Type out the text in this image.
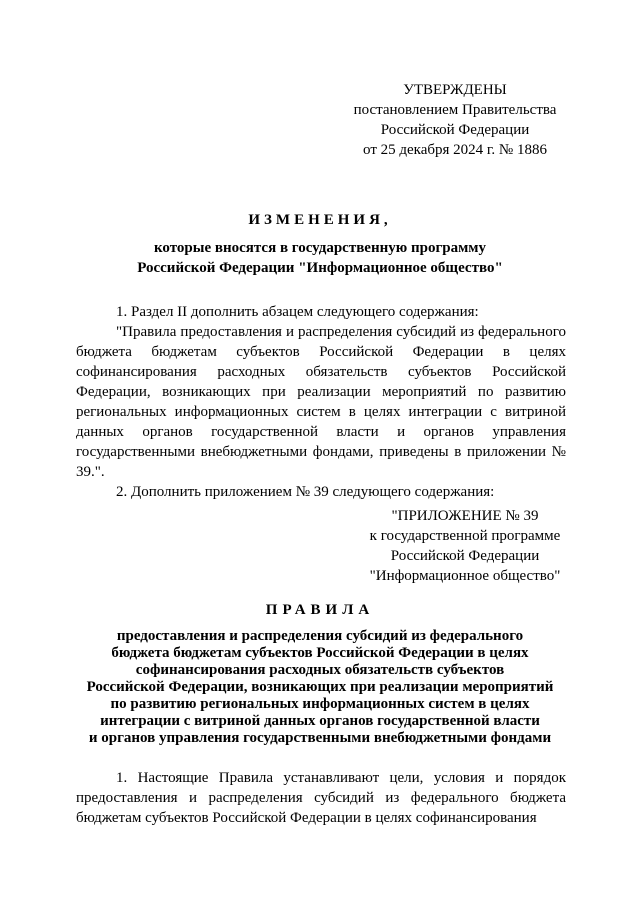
УТВЕРЖДЕНЫ
постановлением Правительства
Российской Федерации
от 25 декабря 2024 г. № 1886
ИЗМЕНЕНИЯ,
которые вносятся в государственную программу
Российской Федерации "Информационное общество"

1. Раздел II дополнить абзацем следующего содержания:

"Правила предоставления и распределения субсидий из федерального бюджета бюджетам субъектов Российской Федерации в целях софинансирования расходных обязательств субъектов Российской Федерации, возникающих при реализации мероприятий по развитию региональных информационных систем в целях интеграции с витриной данных органов государственной власти и органов управления государственными внебюджетными фондами, приведены в приложении № 39.".

2. Дополнить приложением № 39 следующего содержания:

"ПРИЛОЖЕНИЕ № 39
к государственной программе
Российской Федерации
"Информационное общество"
ПРАВИЛА
предоставления и распределения субсидий из федерального
бюджета бюджетам субъектов Российской Федерации в целях
софинансирования расходных обязательств субъектов
Российской Федерации, возникающих при реализации мероприятий
по развитию региональных информационных систем в целях
интеграции с витриной данных органов государственной власти
и органов управления государственными внебюджетными фондами

1. Настоящие Правила устанавливают цели, условия и порядок предоставления и распределения субсидий из федерального бюджета бюджетам субъектов Российской Федерации в целях софинансирования
